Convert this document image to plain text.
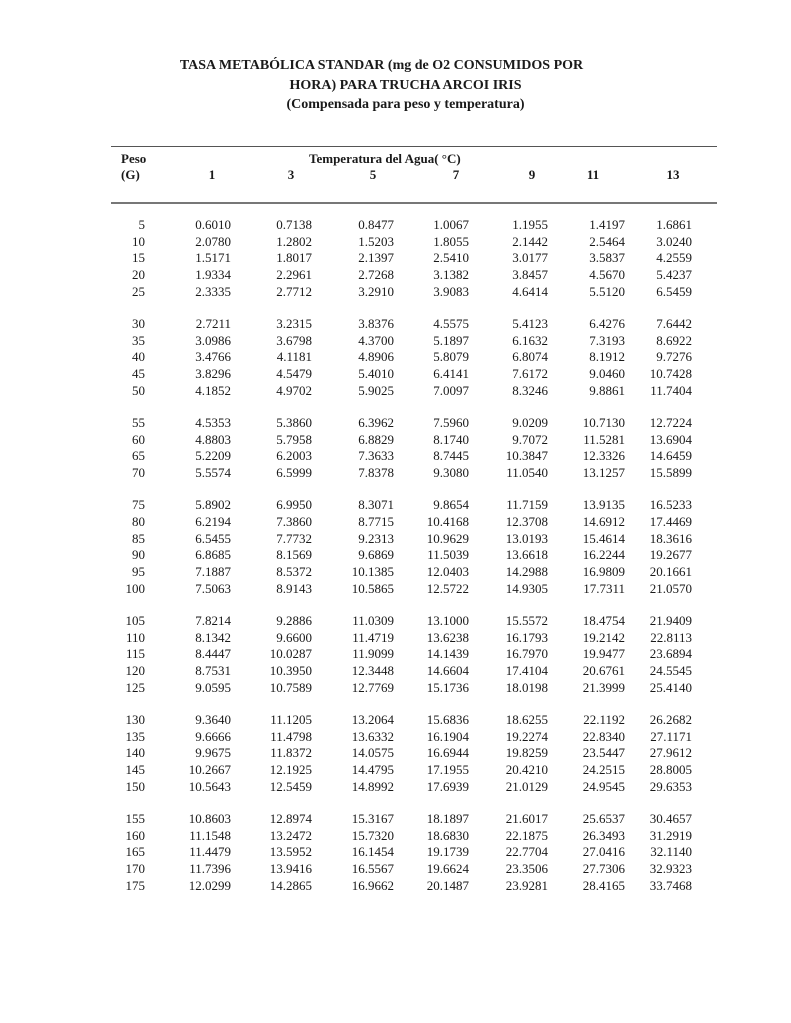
TASA METABÓLICA STANDAR (mg de O2 CONSUMIDOS POR
HORA) PARA TRUCHA ARCOI IRIS
(Compensada para peso y temperatura)
Peso
(G)
Temperatura del Agua( °C)
1	3	5	7	9	11	13
5	0.6010	0.7138	0.8477	1.0067	1.1955	1.4197	1.6861
10	2.0780	1.2802	1.5203	1.8055	2.1442	2.5464	3.0240
15	1.5171	1.8017	2.1397	2.5410	3.0177	3.5837	4.2559
20	1.9334	2.2961	2.7268	3.1382	3.8457	4.5670	5.4237
25	2.3335	2.7712	3.2910	3.9083	4.6414	5.5120	6.5459
30	2.7211	3.2315	3.8376	4.5575	5.4123	6.4276	7.6442
35	3.0986	3.6798	4.3700	5.1897	6.1632	7.3193	8.6922
40	3.4766	4.1181	4.8906	5.8079	6.8074	8.1912	9.7276
45	3.8296	4.5479	5.4010	6.4141	7.6172	9.0460	10.7428
50	4.1852	4.9702	5.9025	7.0097	8.3246	9.8861	11.7404
55	4.5353	5.3860	6.3962	7.5960	9.0209	10.7130	12.7224
60	4.8803	5.7958	6.8829	8.1740	9.7072	11.5281	13.6904
65	5.2209	6.2003	7.3633	8.7445	10.3847	12.3326	14.6459
70	5.5574	6.5999	7.8378	9.3080	11.0540	13.1257	15.5899
75	5.8902	6.9950	8.3071	9.8654	11.7159	13.9135	16.5233
80	6.2194	7.3860	8.7715	10.4168	12.3708	14.6912	17.4469
85	6.5455	7.7732	9.2313	10.9629	13.0193	15.4614	18.3616
90	6.8685	8.1569	9.6869	11.5039	13.6618	16.2244	19.2677
95	7.1887	8.5372	10.1385	12.0403	14.2988	16.9809	20.1661
100	7.5063	8.9143	10.5865	12.5722	14.9305	17.7311	21.0570
105	7.8214	9.2886	11.0309	13.1000	15.5572	18.4754	21.9409
110	8.1342	9.6600	11.4719	13.6238	16.1793	19.2142	22.8113
115	8.4447	10.0287	11.9099	14.1439	16.7970	19.9477	23.6894
120	8.7531	10.3950	12.3448	14.6604	17.4104	20.6761	24.5545
125	9.0595	10.7589	12.7769	15.1736	18.0198	21.3999	25.4140
130	9.3640	11.1205	13.2064	15.6836	18.6255	22.1192	26.2682
135	9.6666	11.4798	13.6332	16.1904	19.2274	22.8340	27.1171
140	9.9675	11.8372	14.0575	16.6944	19.8259	23.5447	27.9612
145	10.2667	12.1925	14.4795	17.1955	20.4210	24.2515	28.8005
150	10.5643	12.5459	14.8992	17.6939	21.0129	24.9545	29.6353
155	10.8603	12.8974	15.3167	18.1897	21.6017	25.6537	30.4657
160	11.1548	13.2472	15.7320	18.6830	22.1875	26.3493	31.2919
165	11.4479	13.5952	16.1454	19.1739	22.7704	27.0416	32.1140
170	11.7396	13.9416	16.5567	19.6624	23.3506	27.7306	32.9323
175	12.0299	14.2865	16.9662	20.1487	23.9281	28.4165	33.7468
